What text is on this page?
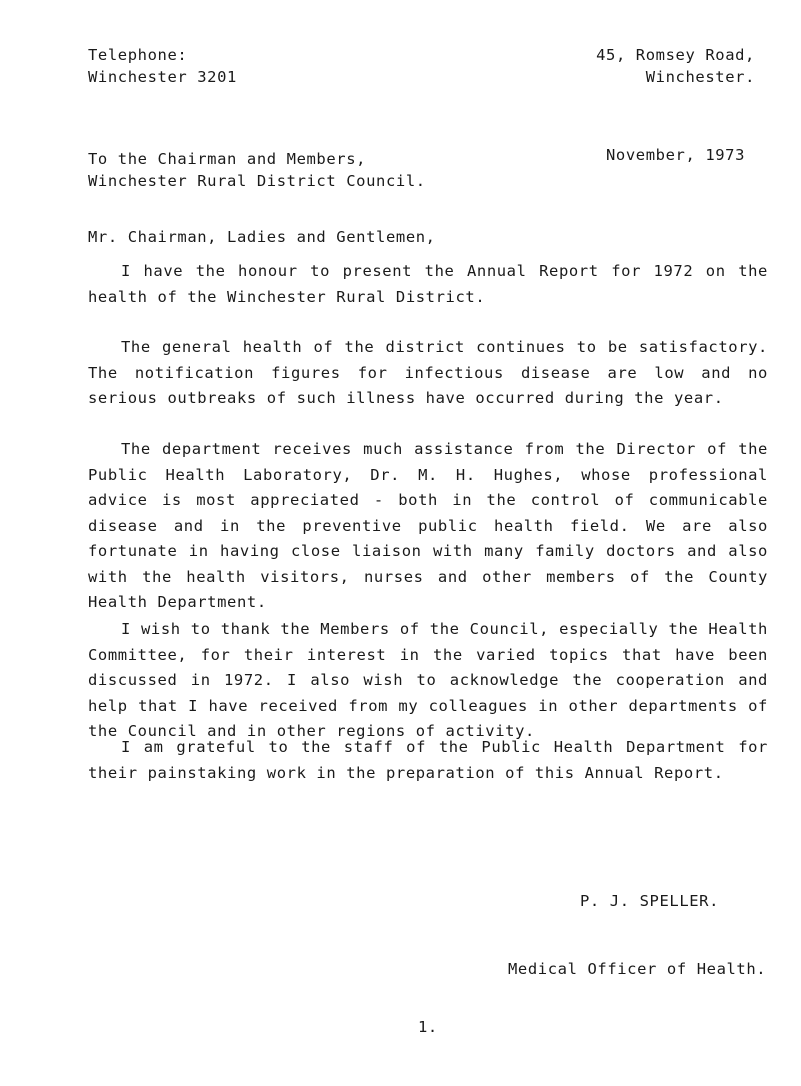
Telephone:
Winchester 3201
45, Romsey Road,
Winchester.
To the Chairman and Members,
Winchester Rural District Council.
November, 1973
Mr. Chairman, Ladies and Gentlemen,

I have the honour to present the Annual Report for 1972 on the health of the Winchester Rural District.

The general health of the district continues to be satisfactory. The notification figures for infectious disease are low and no serious outbreaks of such illness have occurred during the year.

The department receives much assistance from the Director of the Public Health Laboratory, Dr. M. H. Hughes, whose professional advice is most appreciated - both in the control of communicable disease and in the preventive public health field. We are also fortunate in having close liaison with many family doctors and also with the health visitors, nurses and other members of the County Health Department.

I wish to thank the Members of the Council, especially the Health Committee, for their interest in the varied topics that have been discussed in 1972. I also wish to acknowledge the cooperation and help that I have received from my colleagues in other departments of the Council and in other regions of activity.

I am grateful to the staff of the Public Health Department for their painstaking work in the preparation of this Annual Report.

P. J. SPELLER.
Medical Officer of Health.
1.
